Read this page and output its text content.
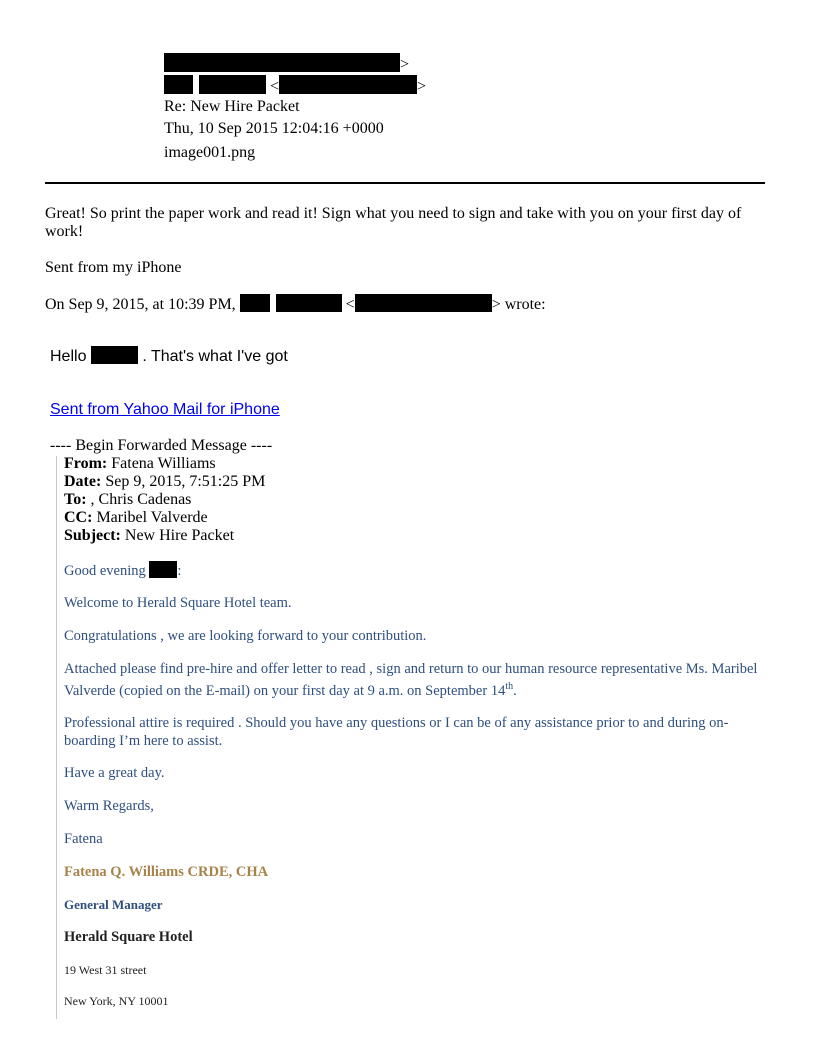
>
<	>
Re: New Hire Packet
Thu, 10 Sep 2015 12:04:16 +0000
image001.png
Great! So print the paper work and read it! Sign what you need to sign and take with you on your first day of work!
Sent from my iPhone
On Sep 9, 2015, at 10:39 PM,	<	> wrote:
Hello	. That's what I've got
Sent from Yahoo Mail for iPhone
---- Begin Forwarded Message ----
From: Fatena Williams
Date: Sep 9, 2015, 7:51:25 PM
To: , Chris Cadenas
CC: Maribel Valverde
Subject: New Hire Packet
Good evening :
Welcome to Herald Square Hotel team.
Congratulations , we are looking forward to your contribution.
Attached please find pre-hire and offer letter to read , sign and return to our human resource representative Ms. Maribel Valverde (copied on the E-mail) on your first day at 9 a.m. on September 14th.
Professional attire is required . Should you have any questions or I can be of any assistance prior to and during on-boarding I’m here to assist.
Have a great day.
Warm Regards,
Fatena
Fatena Q. Williams CRDE, CHA
General Manager
Herald Square Hotel
19 West 31 street
New York, NY 10001
